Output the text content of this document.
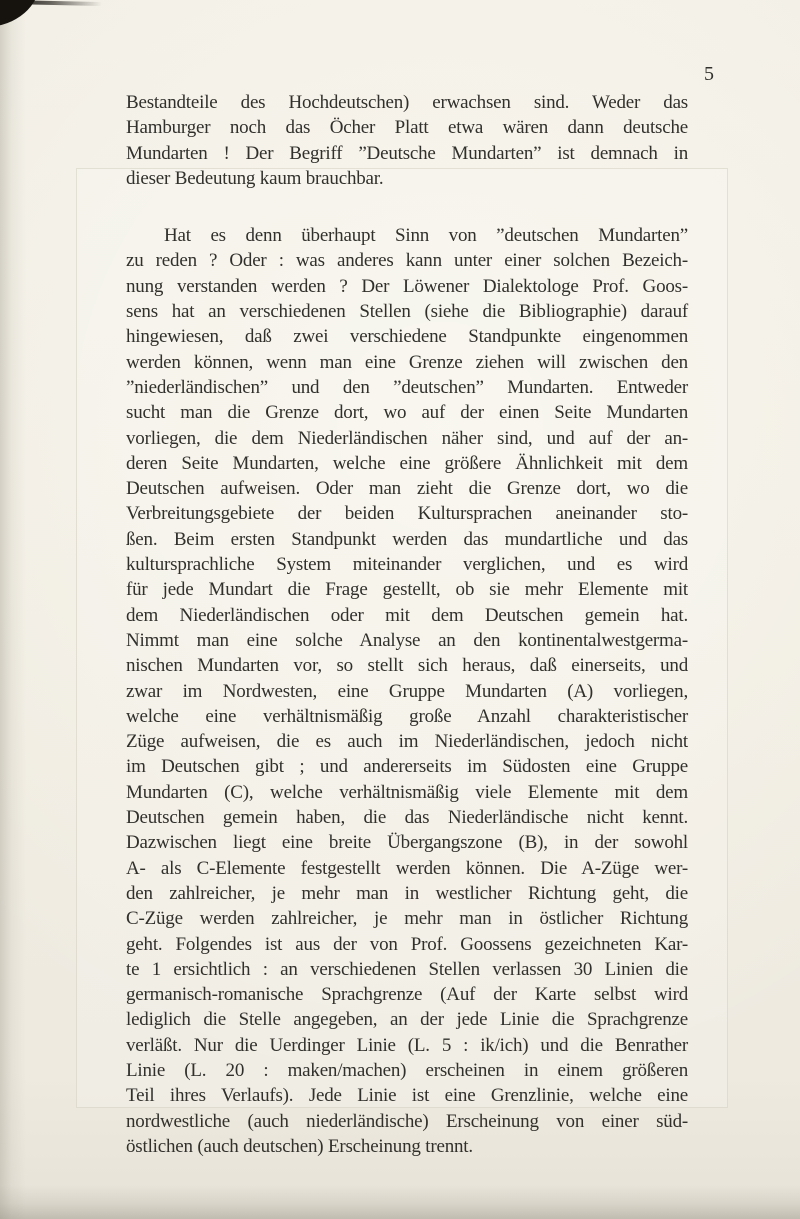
5
Bestandteile des Hochdeutschen) erwachsen sind. Weder das
Hamburger noch das Öcher Platt etwa wären dann deutsche
Mundarten ! Der Begriff ”Deutsche Mundarten” ist demnach in
dieser Bedeutung kaum brauchbar.
Hat es denn überhaupt Sinn von ”deutschen Mundarten”
zu reden ? Oder : was anderes kann unter einer solchen Bezeich-
nung verstanden werden ? Der Löwener Dialektologe Prof. Goos-
sens hat an verschiedenen Stellen (siehe die Bibliographie) darauf
hingewiesen, daß zwei verschiedene Standpunkte eingenommen
werden können, wenn man eine Grenze ziehen will zwischen den
”niederländischen” und den ”deutschen” Mundarten. Entweder
sucht man die Grenze dort, wo auf der einen Seite Mundarten
vorliegen, die dem Niederländischen näher sind, und auf der an-
deren Seite Mundarten, welche eine größere Ähnlichkeit mit dem
Deutschen aufweisen. Oder man zieht die Grenze dort, wo die
Verbreitungsgebiete der beiden Kultursprachen aneinander sto-
ßen. Beim ersten Standpunkt werden das mundartliche und das
kultursprachliche System miteinander verglichen, und es wird
für jede Mundart die Frage gestellt, ob sie mehr Elemente mit
dem Niederländischen oder mit dem Deutschen gemein hat.
Nimmt man eine solche Analyse an den kontinentalwestgerma-
nischen Mundarten vor, so stellt sich heraus, daß einerseits, und
zwar im Nordwesten, eine Gruppe Mundarten (A) vorliegen,
welche eine verhältnismäßig große Anzahl charakteristischer
Züge aufweisen, die es auch im Niederländischen, jedoch nicht
im Deutschen gibt ; und andererseits im Südosten eine Gruppe
Mundarten (C), welche verhältnismäßig viele Elemente mit dem
Deutschen gemein haben, die das Niederländische nicht kennt.
Dazwischen liegt eine breite Übergangszone (B), in der sowohl
A- als C-Elemente festgestellt werden können. Die A-Züge wer-
den zahlreicher, je mehr man in westlicher Richtung geht, die
C-Züge werden zahlreicher, je mehr man in östlicher Richtung
geht. Folgendes ist aus der von Prof. Goossens gezeichneten Kar-
te 1 ersichtlich : an verschiedenen Stellen verlassen 30 Linien die
germanisch-romanische Sprachgrenze (Auf der Karte selbst wird
lediglich die Stelle angegeben, an der jede Linie die Sprachgrenze
verläßt. Nur die Uerdinger Linie (L. 5 : ik/ich) und die Benrather
Linie (L. 20 : maken/machen) erscheinen in einem größeren
Teil ihres Verlaufs). Jede Linie ist eine Grenzlinie, welche eine
nordwestliche (auch niederländische) Erscheinung von einer süd-
östlichen (auch deutschen) Erscheinung trennt.
